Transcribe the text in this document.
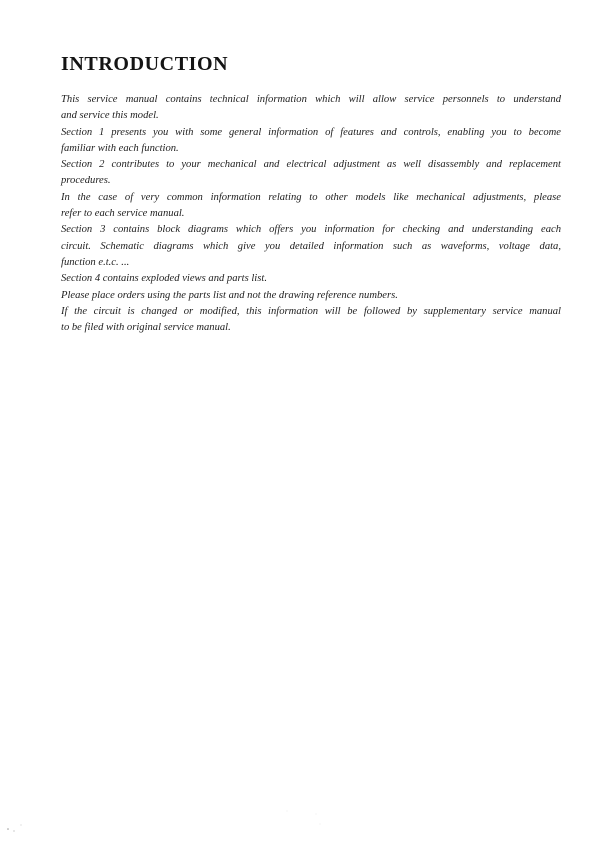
INTRODUCTION
This service manual contains technical information which will allow service personnels to understand
and service this model.
Section 1 presents you with some general information of features and controls, enabling you to become
familiar with each function.
Section 2 contributes to your mechanical and electrical adjustment as well disassembly and replacement
procedures.
In the case of very common information relating to other models like mechanical adjustments, please
refer to each service manual.
Section 3 contains block diagrams which offers you information for checking and understanding each
circuit. Schematic diagrams which give you detailed information such as waveforms, voltage data,
function e.t.c. ...
Section 4 contains exploded views and parts list.
Please place orders using the parts list and not the drawing reference numbers.
If the circuit is changed or modified, this information will be followed by supplementary service manual
to be filed with original service manual.
